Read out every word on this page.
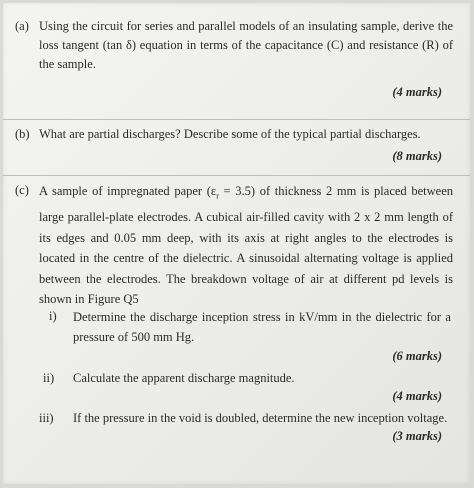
(a) Using the circuit for series and parallel models of an insulating sample, derive the loss tangent (tan δ) equation in terms of the capacitance (C) and resistance (R) of the sample.
(4 marks)
(b) What are partial discharges? Describe some of the typical partial discharges.
(8 marks)
(c) A sample of impregnated paper $(\varepsilon_r = 3.5)$ of thickness 2 mm is placed between large parallel-plate electrodes. A cubical air-filled cavity with 2 x 2 mm length of its edges and 0.05 mm deep, with its axis at right angles to the electrodes is located in the centre of the dielectric. A sinusoidal alternating voltage is applied between the electrodes. The breakdown voltage of air at different pd levels is shown in Figure Q5
i) Determine the discharge inception stress in kV/mm in the dielectric for a pressure of 500 mm Hg.
(6 marks)
ii) Calculate the apparent discharge magnitude.
(4 marks)
iii) If the pressure in the void is doubled, determine the new inception voltage.
(3 marks)
